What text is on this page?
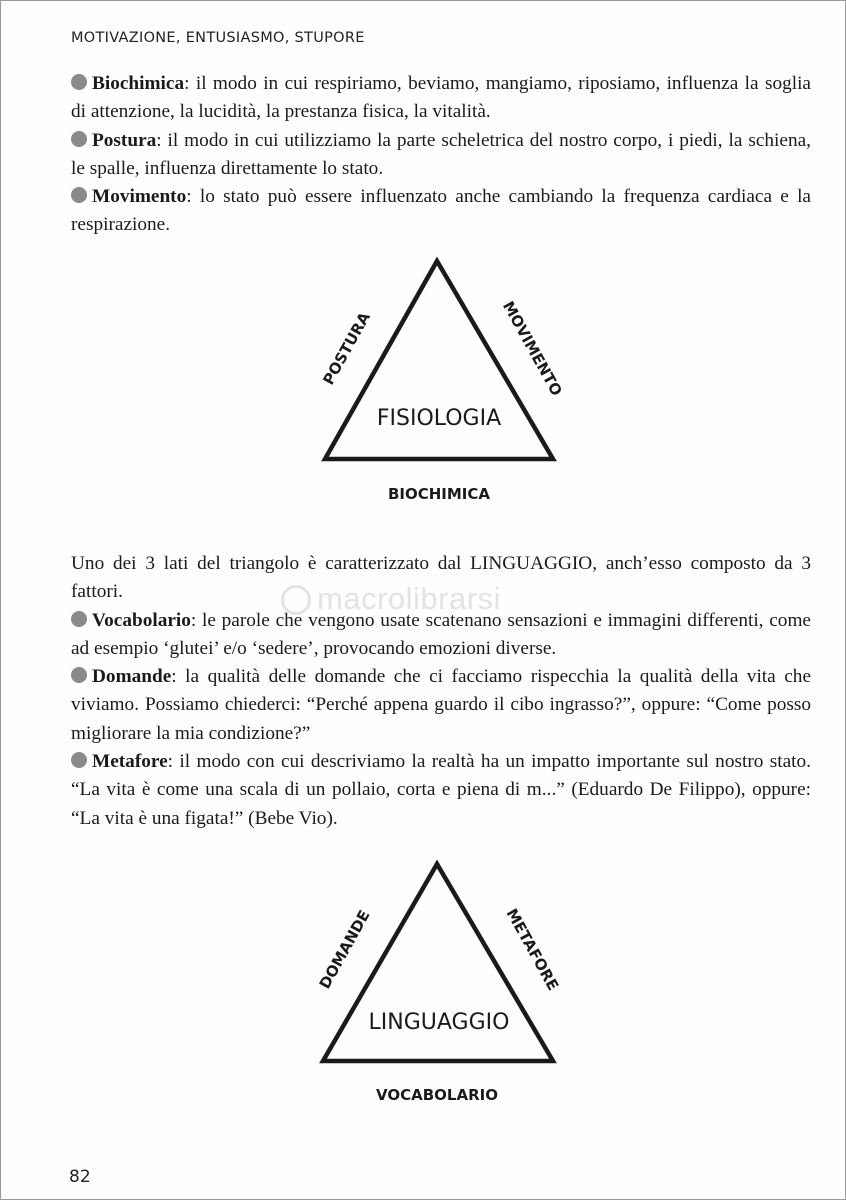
MOTIVAZIONE, ENTUSIASMO, STUPORE

Biochimica: il modo in cui respiriamo, beviamo, mangiamo, riposiamo, influenza la soglia di attenzione, la lucidità, la prestanza fisica, la vitalità.

Postura: il modo in cui utilizziamo la parte scheletrica del nostro corpo, i piedi, la schiena, le spalle, influenza direttamente lo stato.

Movimento: lo stato può essere influenzato anche cambiando la frequenza cardiaca e la respirazione.

FISIOLOGIA
POSTURA	MOVIMENTO
BIOCHIMICA

Uno dei 3 lati del triangolo è caratterizzato dal LINGUAGGIO, anch’esso composto da 3 fattori.

Vocabolario: le parole che vengono usate scatenano sensazioni e immagini differenti, come ad esempio ‘glutei’ e/o ‘sedere’, provocando emozioni diverse.

Domande: la qualità delle domande che ci facciamo rispecchia la qualità della vita che viviamo. Possiamo chiederci: “Perché appena guardo il cibo ingrasso?”, oppure: “Come posso migliorare la mia condizione?”

Metafore: il modo con cui descriviamo la realtà ha un impatto importante sul nostro stato. “La vita è come una scala di un pollaio, corta e piena di m...” (Eduardo De Filippo), oppure: “La vita è una figata!” (Bebe Vio).

macrolibrarsi
LINGUAGGIO
DOMANDE	METAFORE
VOCABOLARIO
82
